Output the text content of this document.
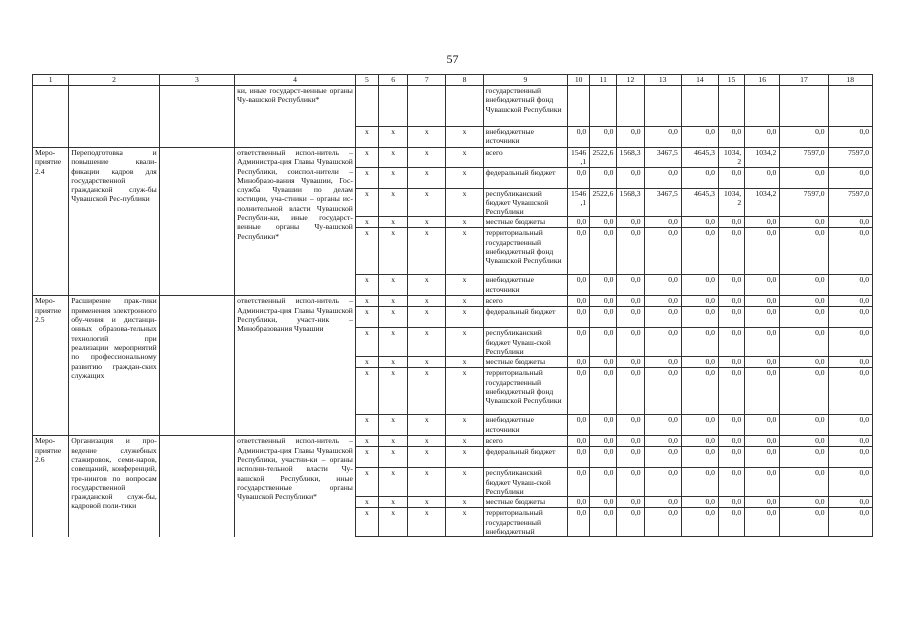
57
1	2	3	4	5	6	7	8	9	10	11	12	13	14	15	16	17	18
			ки, иные государст-венные органы Чу-вашской Республики*					государственный внебюджетный фонд Чувашской Республики									
				х	х	х	х	внебюджетные источники	0,0	0,0	0,0	0,0	0,0	0,0	0,0	0,0	0,0
Меро-приятие 2.4	Переподготовка и повышение квали-фикации кадров для государственной гражданской служ-бы Чувашской Рес-публики		ответственный испол-нитель – Администра-ция Главы Чувашской Республики, соиспол-нители – Минобразо-вания Чувашии, Гос-служба Чувашии по делам юстиции, уча-стники – органы ис-полнительной власти Чувашской Республи-ки, иные государст-венные органы Чу-вашской Республики*	х	х	х	х	всего	1546,1	2522,6	1568,3	3467,5	4645,3	1034,2	1034,2	7597,0	7597,0
				х	х	х	х	федеральный бюджет	0,0	0,0	0,0	0,0	0,0	0,0	0,0	0,0	0,0
				х	х	х	х	республиканский бюджет Чувашской Республики	1546,1	2522,6	1568,3	3467,5	4645,3	1034,2	1034,2	7597,0	7597,0
				х	х	х	х	местные бюджеты	0,0	0,0	0,0	0,0	0,0	0,0	0,0	0,0	0,0
				х	х	х	х	территориальный государственный внебюджетный фонд Чувашской Республики	0,0	0,0	0,0	0,0	0,0	0,0	0,0	0,0	0,0
				х	х	х	х	внебюджетные источники	0,0	0,0	0,0	0,0	0,0	0,0	0,0	0,0	0,0
Меро-приятие 2.5	Расширение прак-тики применения электронного обу-чения и дистанци-онных образова-тельных технологий при реализации мероприятий по профессиональному развитию граждан-ских служащих		ответственный испол-нитель – Администра-ция Главы Чувашской Республики, участ-ник – Минобразования Чувашии	х	х	х	х	всего	0,0	0,0	0,0	0,0	0,0	0,0	0,0	0,0	0,0
				х	х	х	х	федеральный бюджет	0,0	0,0	0,0	0,0	0,0	0,0	0,0	0,0	0,0
				х	х	х	х	республиканский бюджет Чуваш-ской Республики	0,0	0,0	0,0	0,0	0,0	0,0	0,0	0,0	0,0
				х	х	х	х	местные бюджеты	0,0	0,0	0,0	0,0	0,0	0,0	0,0	0,0	0,0
				х	х	х	х	территориальный государственный внебюджетный фонд Чувашской Республики	0,0	0,0	0,0	0,0	0,0	0,0	0,0	0,0	0,0
				х	х	х	х	внебюджетные источники	0,0	0,0	0,0	0,0	0,0	0,0	0,0	0,0	0,0
Меро-приятие 2.6	Организация и про-ведение служебных стажировок, семи-наров, совещаний, конференций, тре-нингов по вопросам государственной гражданской служ-бы, кадровой поли-тики		ответственный испол-нитель – Администра-ция Главы Чувашской Республики, участни-ки – органы исполни-тельной власти Чу-вашской Республики, иные государственные органы Чувашской Республики*	х	х	х	х	всего	0,0	0,0	0,0	0,0	0,0	0,0	0,0	0,0	0,0
				х	х	х	х	федеральный бюджет	0,0	0,0	0,0	0,0	0,0	0,0	0,0	0,0	0,0
				х	х	х	х	республиканский бюджет Чуваш-ской Республики	0,0	0,0	0,0	0,0	0,0	0,0	0,0	0,0	0,0
				х	х	х	х	местные бюджеты	0,0	0,0	0,0	0,0	0,0	0,0	0,0	0,0	0,0
				х	х	х	х	территориальный государственный внебюджетный	0,0	0,0	0,0	0,0	0,0	0,0	0,0	0,0	0,0
